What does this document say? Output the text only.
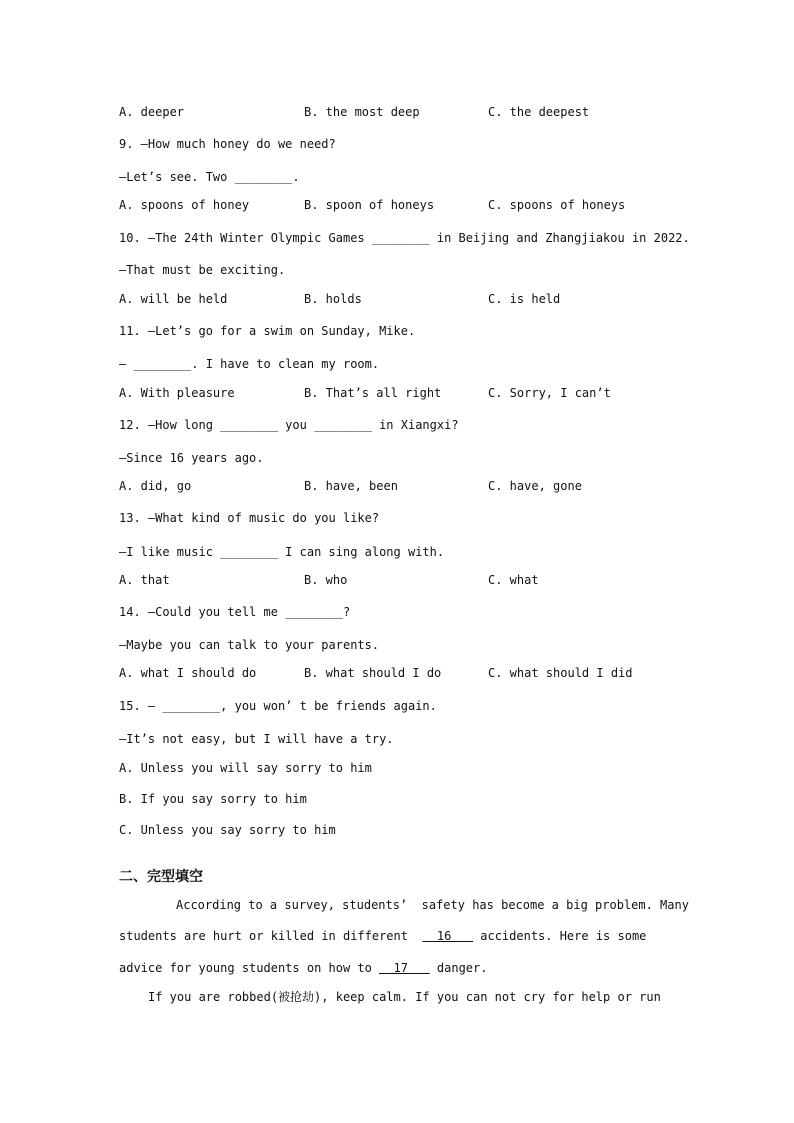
A. deeper

	B. the most deep

	C. the deepest

9. —How much honey do we need?
—Let’s see. Two ________.

A. spoons of honey

	B. spoon of honeys

	C. spoons of honeys

10. —The 24th Winter Olympic Games ________ in Beijing and Zhangjiakou in 2022.
—That must be exciting.

A. will be held

	B. holds

	C. is held

11. —Let’s go for a swim on Sunday, Mike.
— ________. I have to clean my room.

A. With pleasure

	B. That’s all right

	C. Sorry, I can’t

12. —How long ________ you ________ in Xiangxi?
—Since 16 years ago.

A. did, go

	B. have, been

	C. have, gone

13. —What kind of music do you like?
—I like music ________ I can sing along with.

A. that

	B. who

	C. what

14. —Could you tell me ________?
—Maybe you can talk to your parents.

A. what I should do

	B. what should I do

	C. what should I did

15. — ________, you won’ t be friends again.
—It’s not easy, but I will have a try.
A. Unless you will say sorry to him
B. If you say sorry to him
C. Unless you say sorry to him
二、完型填空
According to a survey, students’  safety has become a big problem. Many
students are hurt or killed in different    16    accidents. Here is some
advice for young students on how to   17    danger.
If you are robbed(被抢劫), keep calm. If you can not cry for help or run
